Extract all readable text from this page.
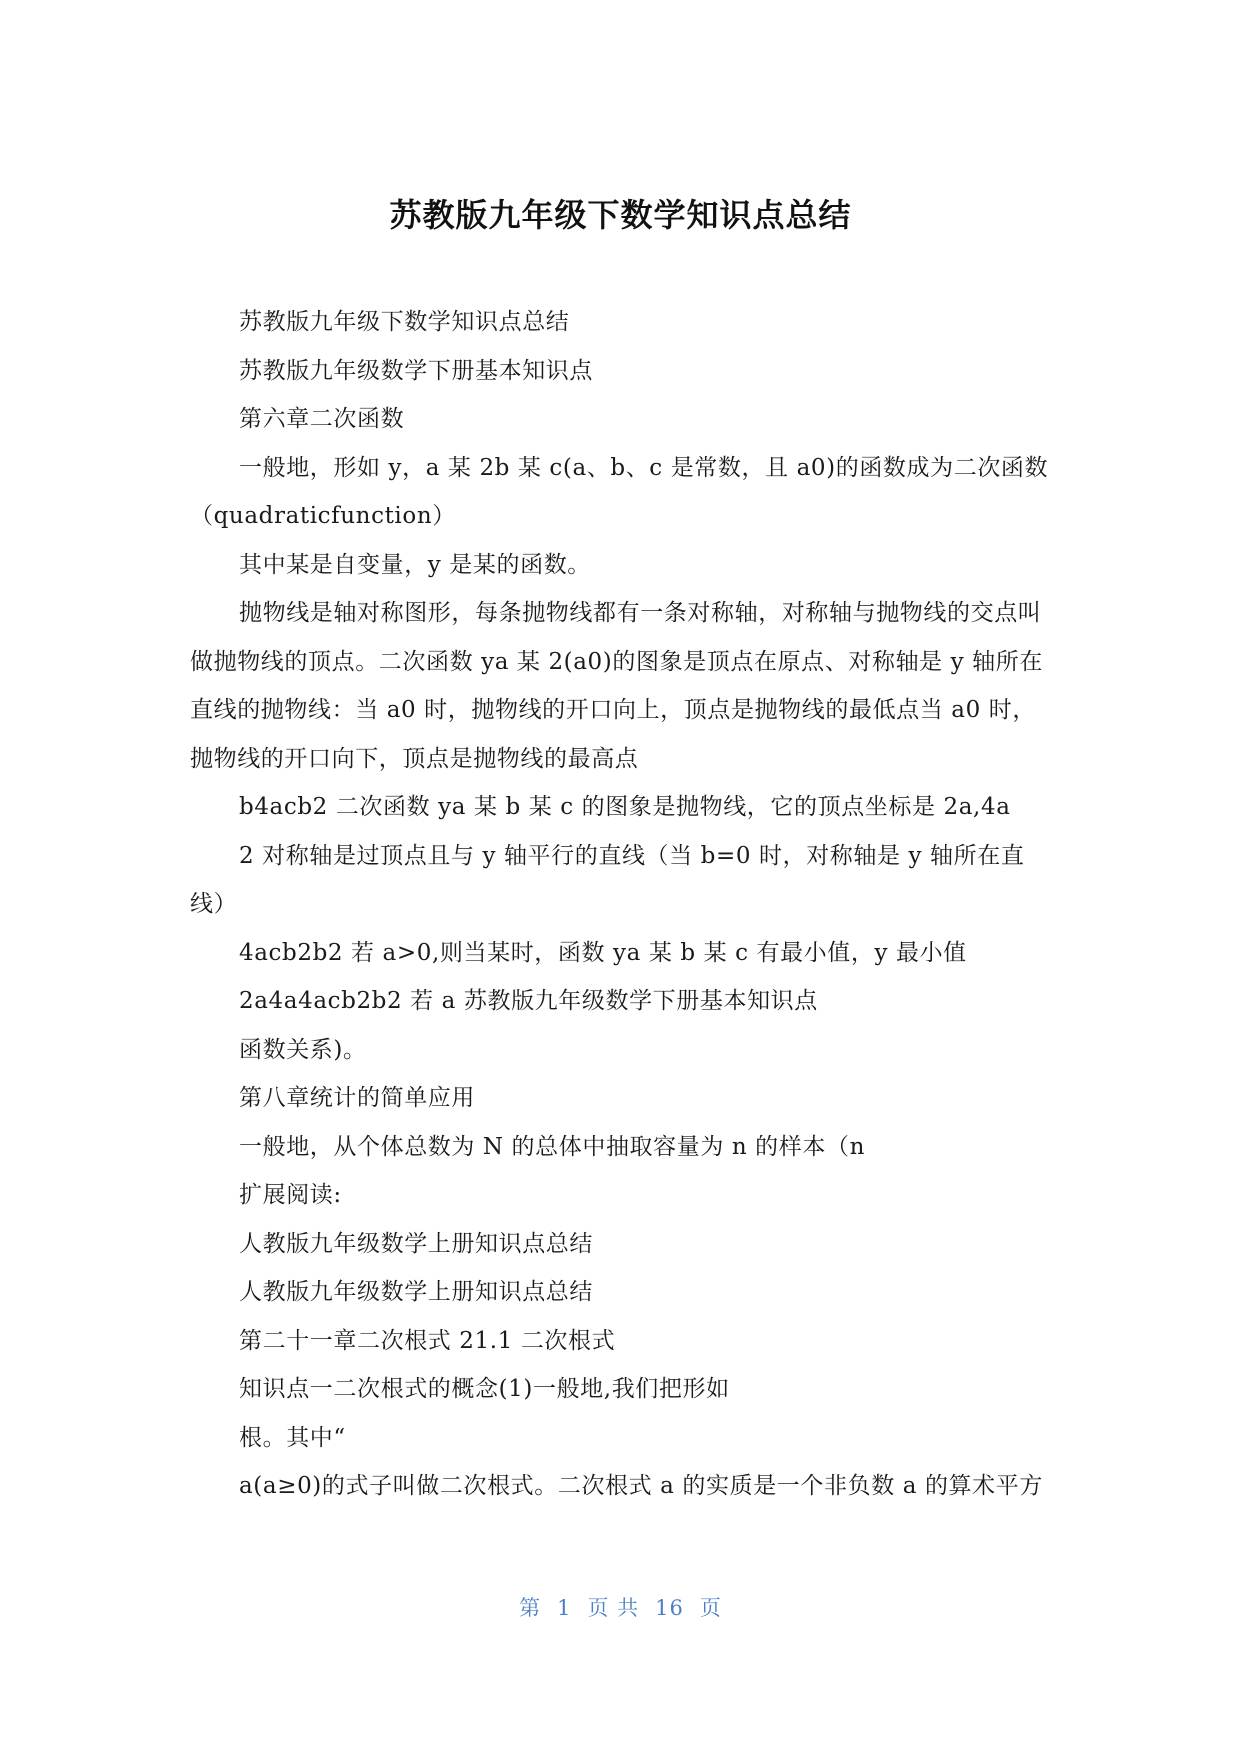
苏教版九年级下数学知识点总结

苏教版九年级下数学知识点总结

苏教版九年级数学下册基本知识点

第六章二次函数

一般地，形如 y，a 某 2b 某 c(a、b、c 是常数，且 a0)的函数成为二次函数（quadraticfunction）

其中某是自变量，y 是某的函数。

抛物线是轴对称图形，每条抛物线都有一条对称轴，对称轴与抛物线的交点叫做抛物线的顶点。二次函数 ya 某 2(a0)的图象是顶点在原点、对称轴是 y 轴所在直线的抛物线：当 a0 时，抛物线的开口向上，顶点是抛物线的最低点当 a0 时，抛物线的开口向下，顶点是抛物线的最高点

b4acb2 二次函数 ya 某 b 某 c 的图象是抛物线，它的顶点坐标是 2a,4a

2 对称轴是过顶点且与 y 轴平行的直线（当 b=0 时，对称轴是 y 轴所在直线）

4acb2b2 若 a>0,则当某时，函数 ya 某 b 某 c 有最小值，y 最小值

2a4a4acb2b2 若 a 苏教版九年级数学下册基本知识点

函数关系)。

第八章统计的简单应用

一般地，从个体总数为 N 的总体中抽取容量为 n 的样本（n

扩展阅读:

人教版九年级数学上册知识点总结

人教版九年级数学上册知识点总结

第二十一章二次根式 21.1 二次根式

知识点一二次根式的概念(1)一般地,我们把形如

根。其中“

a(a≥0)的式子叫做二次根式。二次根式 a 的实质是一个非负数 a 的算术平方

第 1 页 共 16 页
